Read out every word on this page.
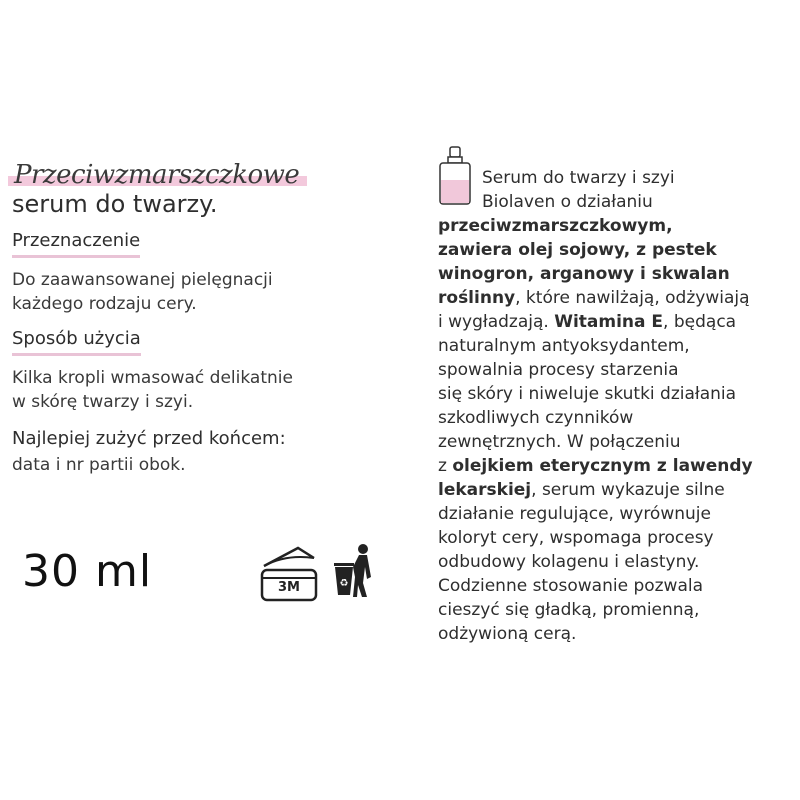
Przeciwzmarszczkowe
serum do twarzy.
Przeznaczenie
Do zaawansowanej pielęgnacji
każdego rodzaju cery.
Sposób użycia
Kilka kropli wmasować delikatnie
w skórę twarzy i szyi.
Najlepiej zużyć przed końcem:
data i nr partii obok.
30 ml	3M	♻
Serum do twarzy i szyi
Biolaven o działaniu
przeciwzmarszczkowym,
zawiera olej sojowy, z pestek
winogron, arganowy i skwalan
roślinny, które nawilżają, odżywiają
i wygładzają. Witamina E, będąca
naturalnym antyoksydantem,
spowalnia procesy starzenia
się skóry i niweluje skutki działania
szkodliwych czynników
zewnętrznych. W połączeniu
z olejkiem eterycznym z lawendy
lekarskiej, serum wykazuje silne
działanie regulujące, wyrównuje
koloryt cery, wspomaga procesy
odbudowy kolagenu i elastyny.
Codzienne stosowanie pozwala
cieszyć się gładką, promienną,
odżywioną cerą.
